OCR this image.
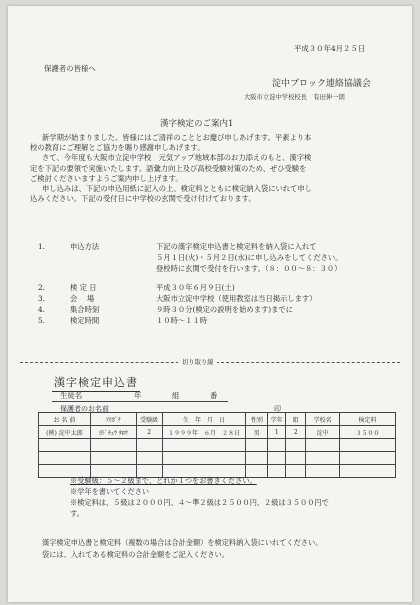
平成３０年4月２５日
保護者の皆様へ
淀中ブロック連絡協議会
大阪市立淀中学校校長　有田伸一朗
漢字検定のご案内1

新学期が始まりました。皆様にはご清祥のこととお慶び申しあげます。平素より本

校の教育にご理解とご協力を賜り感謝申しあげます。

さて、今年度も大阪市立淀中学校　元気アップ地域本部のお力添えのもと、漢字検

定を下記の要領で実施いたします。語彙力向上及び高校受験対策のため、ぜひ受験を

ご検討くださいますようご案内申し上げます。

申し込みは、下記の申込用紙に記入の上、検定料とともに検定納入袋にいれて申し

込みください。下記の受付日に中学校の玄関で受け付けております。

1.	申込方法	下記の漢字検定申込書と検定料を納入袋に入れて
５月１日(火)・５月２日(水)に申し込みをしてください。
登校時に玄関で受付を行います。（８：００～８：３０）
2.	検 定 日	平成３０年６月９日(土)
3.	会　 場	大阪市立淀中学校（使用教室は当日掲示します）
4.	集合時刻	９時３０分(検定の説明を始めます)までに
5.	検定時間	１０時～１１時
切り取り線
漢字検定申込書
生徒名	年	組	番
保護者のお名前	印
お 名 前	ﾌﾘｶﾞﾅ	受験級	生　年　月　日	性別	学年	組	学校名	検定料
(例) 淀中太郎	ﾖﾄﾞﾁｭｳ ﾀﾛｳ	2	１９９９年　６月　２８日	男	1	2	淀中	３５００

※受験級：５～２級まで、どれか１つをお書きください。
※学年を書いてください
※検定料は、５級は２０００円、４～準２級は２５００円、２級は３５００円で
す。
漢字検定申込書と検定料（複数の場合は合計金額）を検定料納入袋にいれてください。
袋には、入れてある検定料の合計金額をご記入ください。
